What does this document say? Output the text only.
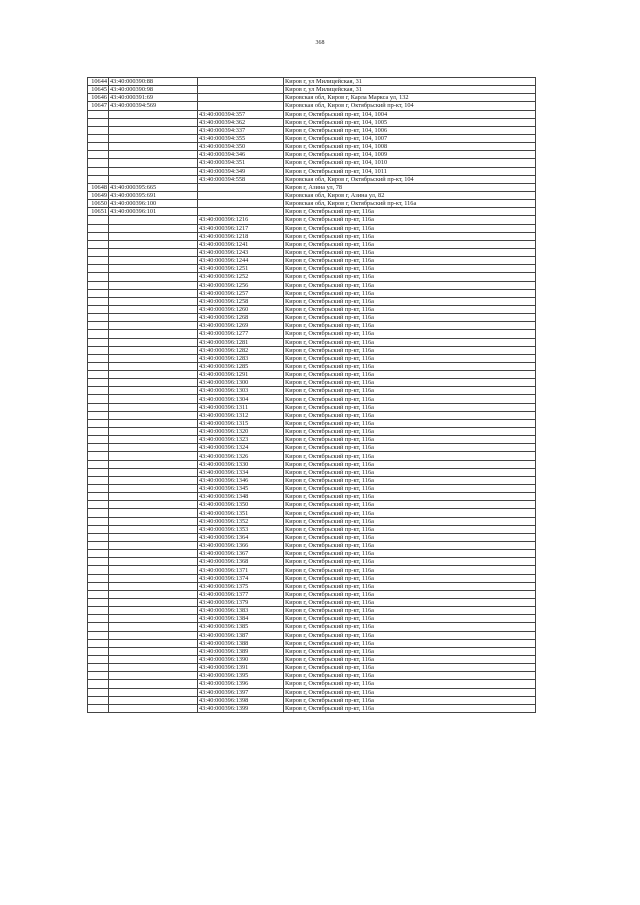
368
10644	43:40:000390:88		Киров г, ул Милицейская, 31
10645	43:40:000390:98		Киров г, ул Милицейская, 31
10646	43:40:000391:69		Кировская обл, Киров г, Карла Маркса ул, 132
10647	43:40:000394:569		Кировская обл, Киров г, Октябрьский пр-кт, 104
		43:40:000394:357	Киров г, Октябрьский пр-кт, 104, 1004
		43:40:000394:362	Киров г, Октябрьский пр-кт, 104, 1005
		43:40:000394:337	Киров г, Октябрьский пр-кт, 104, 1006
		43:40:000394:355	Киров г, Октябрьский пр-кт, 104, 1007
		43:40:000394:350	Киров г, Октябрьский пр-кт, 104, 1008
		43:40:000394:346	Киров г, Октябрьский пр-кт, 104, 1009
		43:40:000394:351	Киров г, Октябрьский пр-кт, 104, 1010
		43:40:000394:349	Киров г, Октябрьский пр-кт, 104, 1011
		43:40:000394:558	Кировская обл, Киров г, Октябрьский пр-кт, 104
10648	43:40:000395:665		Киров г, Азина ул, 78
10649	43:40:000395:691		Кировская обл, Киров г, Азина ул, 82
10650	43:40:000396:100		Кировская обл, Киров г, Октябрьский пр-кт, 116а
10651	43:40:000396:101		Киров г, Октябрьский пр-кт, 116а
		43:40:000396:1216	Киров г, Октябрьский пр-кт, 116а
		43:40:000396:1217	Киров г, Октябрьский пр-кт, 116а
		43:40:000396:1218	Киров г, Октябрьский пр-кт, 116а
		43:40:000396:1241	Киров г, Октябрьский пр-кт, 116а
		43:40:000396:1243	Киров г, Октябрьский пр-кт, 116а
		43:40:000396:1244	Киров г, Октябрьский пр-кт, 116а
		43:40:000396:1251	Киров г, Октябрьский пр-кт, 116а
		43:40:000396:1252	Киров г, Октябрьский пр-кт, 116а
		43:40:000396:1256	Киров г, Октябрьский пр-кт, 116а
		43:40:000396:1257	Киров г, Октябрьский пр-кт, 116а
		43:40:000396:1258	Киров г, Октябрьский пр-кт, 116а
		43:40:000396:1260	Киров г, Октябрьский пр-кт, 116а
		43:40:000396:1268	Киров г, Октябрьский пр-кт, 116а
		43:40:000396:1269	Киров г, Октябрьский пр-кт, 116а
		43:40:000396:1277	Киров г, Октябрьский пр-кт, 116а
		43:40:000396:1281	Киров г, Октябрьский пр-кт, 116а
		43:40:000396:1282	Киров г, Октябрьский пр-кт, 116а
		43:40:000396:1283	Киров г, Октябрьский пр-кт, 116а
		43:40:000396:1285	Киров г, Октябрьский пр-кт, 116а
		43:40:000396:1291	Киров г, Октябрьский пр-кт, 116а
		43:40:000396:1300	Киров г, Октябрьский пр-кт, 116а
		43:40:000396:1303	Киров г, Октябрьский пр-кт, 116а
		43:40:000396:1304	Киров г, Октябрьский пр-кт, 116а
		43:40:000396:1311	Киров г, Октябрьский пр-кт, 116а
		43:40:000396:1312	Киров г, Октябрьский пр-кт, 116а
		43:40:000396:1315	Киров г, Октябрьский пр-кт, 116а
		43:40:000396:1320	Киров г, Октябрьский пр-кт, 116а
		43:40:000396:1323	Киров г, Октябрьский пр-кт, 116а
		43:40:000396:1324	Киров г, Октябрьский пр-кт, 116а
		43:40:000396:1326	Киров г, Октябрьский пр-кт, 116а
		43:40:000396:1330	Киров г, Октябрьский пр-кт, 116а
		43:40:000396:1334	Киров г, Октябрьский пр-кт, 116а
		43:40:000396:1346	Киров г, Октябрьский пр-кт, 116а
		43:40:000396:1345	Киров г, Октябрьский пр-кт, 116а
		43:40:000396:1348	Киров г, Октябрьский пр-кт, 116а
		43:40:000396:1350	Киров г, Октябрьский пр-кт, 116а
		43:40:000396:1351	Киров г, Октябрьский пр-кт, 116а
		43:40:000396:1352	Киров г, Октябрьский пр-кт, 116а
		43:40:000396:1353	Киров г, Октябрьский пр-кт, 116а
		43:40:000396:1364	Киров г, Октябрьский пр-кт, 116а
		43:40:000396:1366	Киров г, Октябрьский пр-кт, 116а
		43:40:000396:1367	Киров г, Октябрьский пр-кт, 116а
		43:40:000396:1368	Киров г, Октябрьский пр-кт, 116а
		43:40:000396:1371	Киров г, Октябрьский пр-кт, 116а
		43:40:000396:1374	Киров г, Октябрьский пр-кт, 116а
		43:40:000396:1375	Киров г, Октябрьский пр-кт, 116а
		43:40:000396:1377	Киров г, Октябрьский пр-кт, 116а
		43:40:000396:1379	Киров г, Октябрьский пр-кт, 116а
		43:40:000396:1383	Киров г, Октябрьский пр-кт, 116а
		43:40:000396:1384	Киров г, Октябрьский пр-кт, 116а
		43:40:000396:1385	Киров г, Октябрьский пр-кт, 116а
		43:40:000396:1387	Киров г, Октябрьский пр-кт, 116а
		43:40:000396:1388	Киров г, Октябрьский пр-кт, 116а
		43:40:000396:1389	Киров г, Октябрьский пр-кт, 116а
		43:40:000396:1390	Киров г, Октябрьский пр-кт, 116а
		43:40:000396:1391	Киров г, Октябрьский пр-кт, 116а
		43:40:000396:1395	Киров г, Октябрьский пр-кт, 116а
		43:40:000396:1396	Киров г, Октябрьский пр-кт, 116а
		43:40:000396:1397	Киров г, Октябрьский пр-кт, 116а
		43:40:000396:1398	Киров г, Октябрьский пр-кт, 116а
		43:40:000396:1399	Киров г, Октябрьский пр-кт, 116а
